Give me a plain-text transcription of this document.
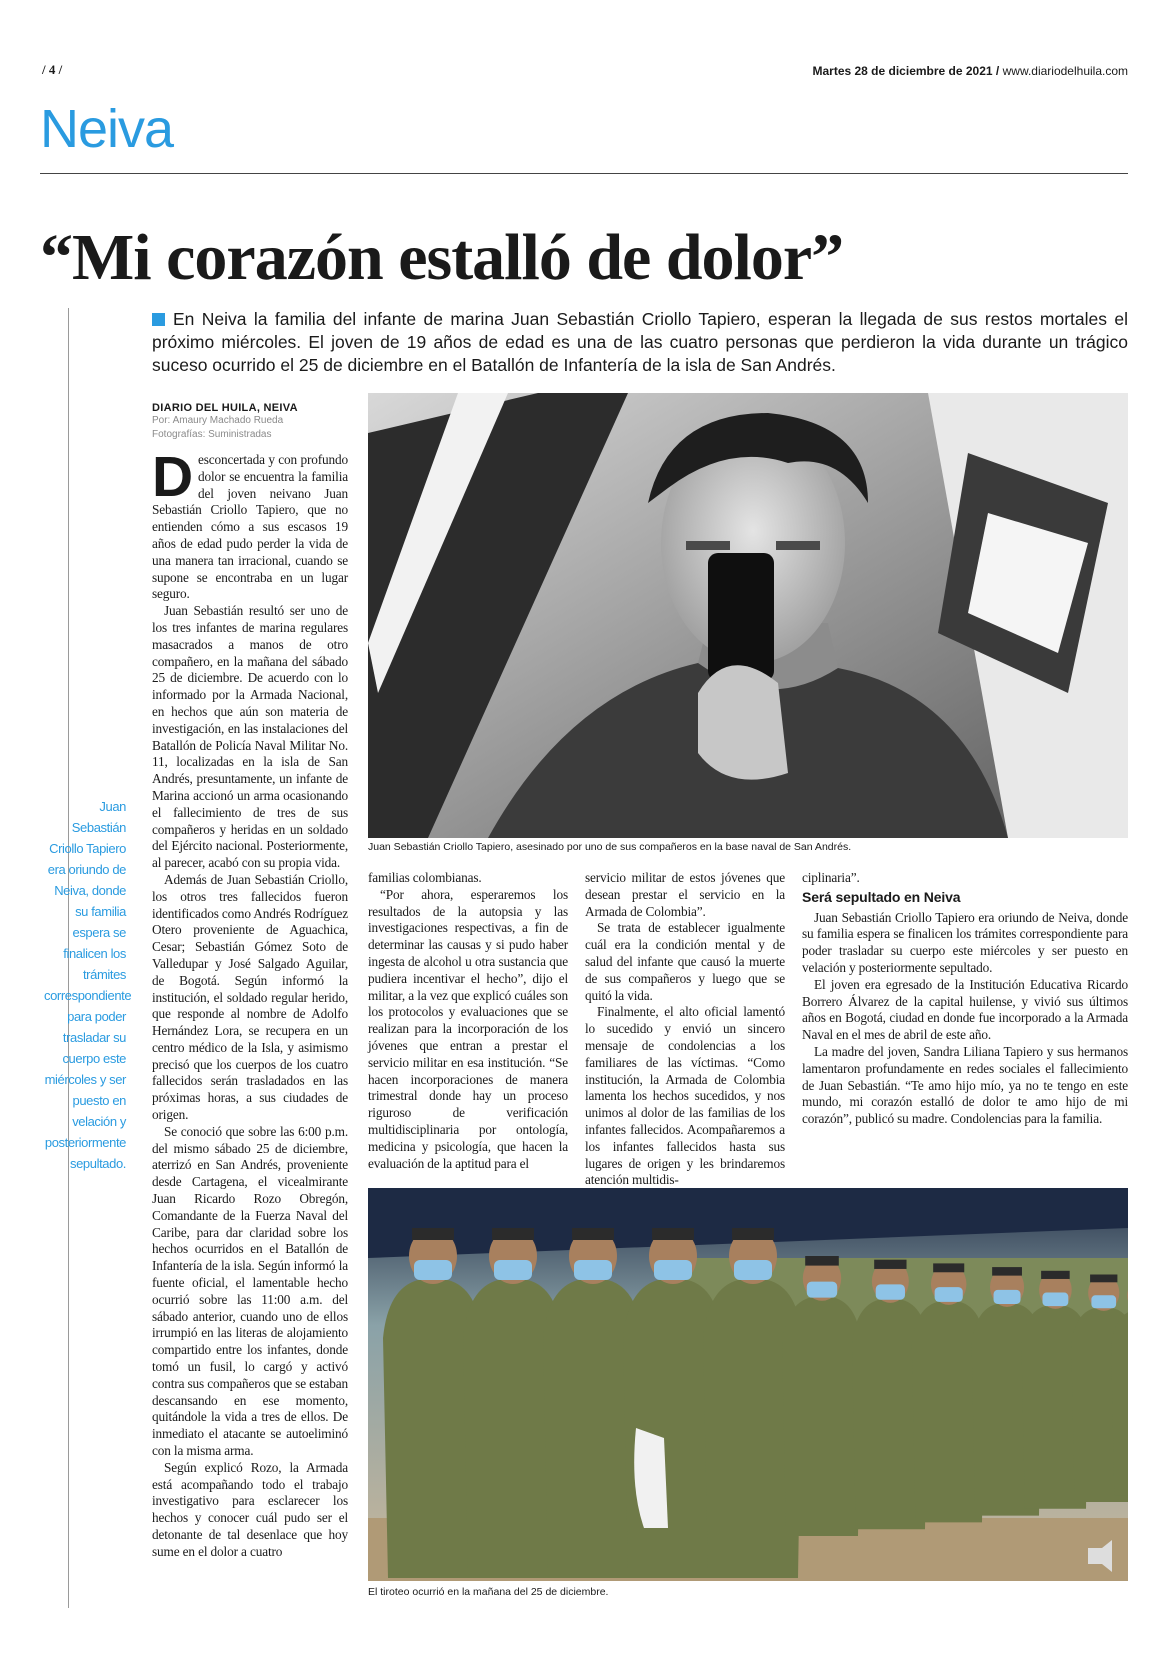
/ 4 /	Martes 28 de diciembre de 2021 / www.diariodelhuila.com
Neiva
“Mi corazón estalló de dolor”
Juan Sebastián Criollo Tapiero era oriundo de Neiva, donde su familia espera se finalicen los trámites correspondiente para poder trasladar su cuerpo este miércoles y ser puesto en velación y posteriormente sepultado.
En Neiva la familia del infante de marina Juan Sebastián Criollo Tapiero, esperan la llegada de sus restos mortales el próximo miércoles. El joven de 19 años de edad es una de las cuatro personas que perdieron la vida durante un trágico suceso ocurrido el 25 de diciembre en el Batallón de Infantería de la isla de San Andrés.
DIARIO DEL HUILA, NEIVA
Por: Amaury Machado Rueda
Fotografías: Suministradas

Desconcertada y con profundo dolor se encuentra la familia del joven neivano Juan Sebastián Criollo Tapiero, que no entienden cómo a sus escasos 19 años de edad pudo perder la vida de una manera tan irracional, cuando se supone se encontraba en un lugar seguro.

Juan Sebastián resultó ser uno de los tres infantes de marina regulares masacrados a manos de otro compañero, en la mañana del sábado 25 de diciembre. De acuerdo con lo informado por la Armada Nacional, en hechos que aún son materia de investigación, en las instalaciones del Batallón de Policía Naval Militar No. 11, localizadas en la isla de San Andrés, presuntamente, un infante de Marina accionó un arma ocasionando el fallecimiento de tres de sus compañeros y heridas en un soldado del Ejército nacional. Posteriormente, al parecer, acabó con su propia vida.

Además de Juan Sebastián Criollo, los otros tres fallecidos fueron identificados como Andrés Rodríguez Otero proveniente de Aguachica, Cesar; Sebastián Gómez Soto de Valledupar y José Salgado Aguilar, de Bogotá. Según informó la institución, el soldado regular herido, que responde al nombre de Adolfo Hernández Lora, se recupera en un centro médico de la Isla, y asimismo precisó que los cuerpos de los cuatro fallecidos serán trasladados en las próximas horas, a sus ciudades de origen.

Se conoció que sobre las 6:00 p.m. del mismo sábado 25 de diciembre, aterrizó en San Andrés, proveniente desde Cartagena, el vicealmirante Juan Ricardo Rozo Obregón, Comandante de la Fuerza Naval del Caribe, para dar claridad sobre los hechos ocurridos en el Batallón de Infantería de la isla. Según informó la fuente oficial, el lamentable hecho ocurrió sobre las 11:00 a.m. del sábado anterior, cuando uno de ellos irrumpió en las literas de alojamiento compartido entre los infantes, donde tomó un fusil, lo cargó y activó contra sus compañeros que se estaban descansando en ese momento, quitándole la vida a tres de ellos. De inmediato el atacante se autoeliminó con la misma arma.

Según explicó Rozo, la Armada está acompañando todo el trabajo investigativo para esclarecer los hechos y conocer cuál pudo ser el detonante de tal desenlace que hoy sume en el dolor a cuatro

Juan Sebastián Criollo Tapiero, asesinado por uno de sus compañeros en la base naval de San Andrés.

familias colombianas.

“Por ahora, esperaremos los resultados de la autopsia y las investigaciones respectivas, a fin de determinar las causas y si pudo haber ingesta de alcohol u otra sustancia que pudiera incentivar el hecho”, dijo el militar, a la vez que explicó cuáles son los protocolos y evaluaciones que se realizan para la incorporación de los jóvenes que entran a prestar el servicio militar en esa institución. “Se hacen incorporaciones de manera trimestral donde hay un proceso riguroso de verificación multidisciplinaria por ontología, medicina y psicología, que hacen la evaluación de la aptitud para el

servicio militar de estos jóvenes que desean prestar el servicio en la Armada de Colombia”.

Se trata de establecer igualmente cuál era la condición mental y de salud del infante que causó la muerte de sus compañeros y luego que se quitó la vida.

Finalmente, el alto oficial lamentó lo sucedido y envió un sincero mensaje de condolencias a los familiares de las víctimas. “Como institución, la Armada de Colombia lamenta los hechos sucedidos, y nos unimos al dolor de las familias de los infantes fallecidos. Acompañaremos a los infantes fallecidos hasta sus lugares de origen y les brindaremos atención multidis-

ciplinaria”.

Será sepultado en Neiva

Juan Sebastián Criollo Tapiero era oriundo de Neiva, donde su familia espera se finalicen los trámites correspondiente para poder trasladar su cuerpo este miércoles y ser puesto en velación y posteriormente sepultado.

El joven era egresado de la Institución Educativa Ricardo Borrero Álvarez de la capital huilense, y vivió sus últimos años en Bogotá, ciudad en donde fue incorporado a la Armada Naval en el mes de abril de este año.

La madre del joven, Sandra Liliana Tapiero y sus hermanos lamentaron profundamente en redes sociales el fallecimiento de Juan Sebastián. “Te amo hijo mío, ya no te tengo en este mundo, mi corazón estalló de dolor te amo hijo de mi corazón”, publicó su madre. Condolencias para la familia.

El tiroteo ocurrió en la mañana del 25 de diciembre.
